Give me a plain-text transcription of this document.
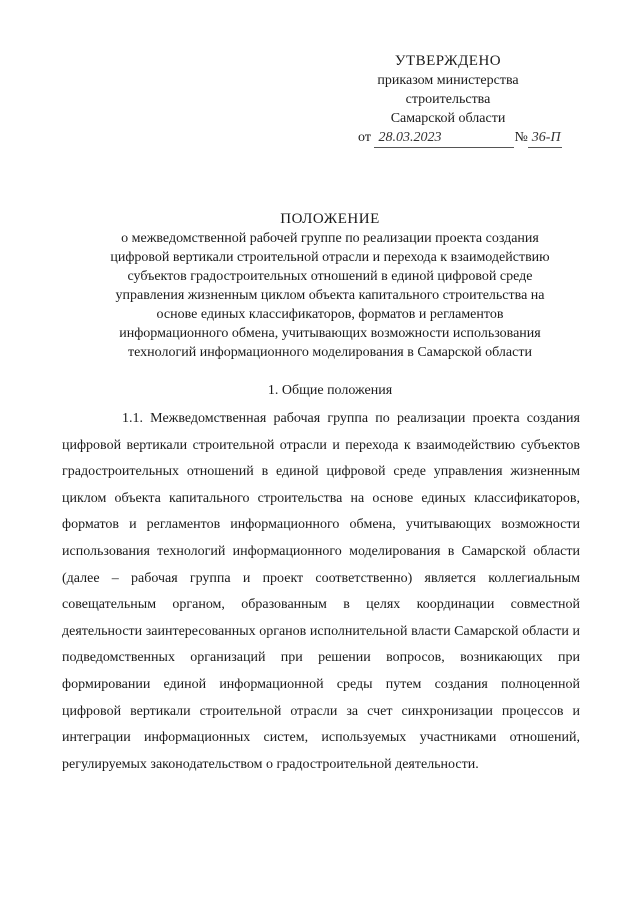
УТВЕРЖДЕНО
приказом министерства
строительства
Самарской области
от 28.03.2023	№ 36-П
ПОЛОЖЕНИЕ
о межведомственной рабочей группе по реализации проекта создания
цифровой вертикали строительной отрасли и перехода к взаимодействию
субъектов градостроительных отношений в единой цифровой среде
управления жизненным циклом объекта капитального строительства на
основе единых классификаторов, форматов и регламентов
информационного обмена, учитывающих возможности использования
технологий информационного моделирования в Самарской области
1. Общие положения

1.1. Межведомственная рабочая группа по реализации проекта создания цифровой вертикали строительной отрасли и перехода к взаимодействию субъектов градостроительных отношений в единой цифровой среде управления жизненным циклом объекта капитального строительства на основе единых классификаторов, форматов и регламентов информационного обмена, учитывающих возможности использования технологий информационного моделирования в Самарской области (далее – рабочая группа и проект соответственно) является коллегиальным совещательным органом, образованным в целях координации совместной деятельности заинтересованных органов исполнительной власти Самарской области и подведомственных организаций при решении вопросов, возникающих при формировании единой информационной среды путем создания полноценной цифровой вертикали строительной отрасли за счет синхронизации процессов и интеграции информационных систем, используемых участниками отношений, регулируемых законодательством о градостроительной деятельности.
